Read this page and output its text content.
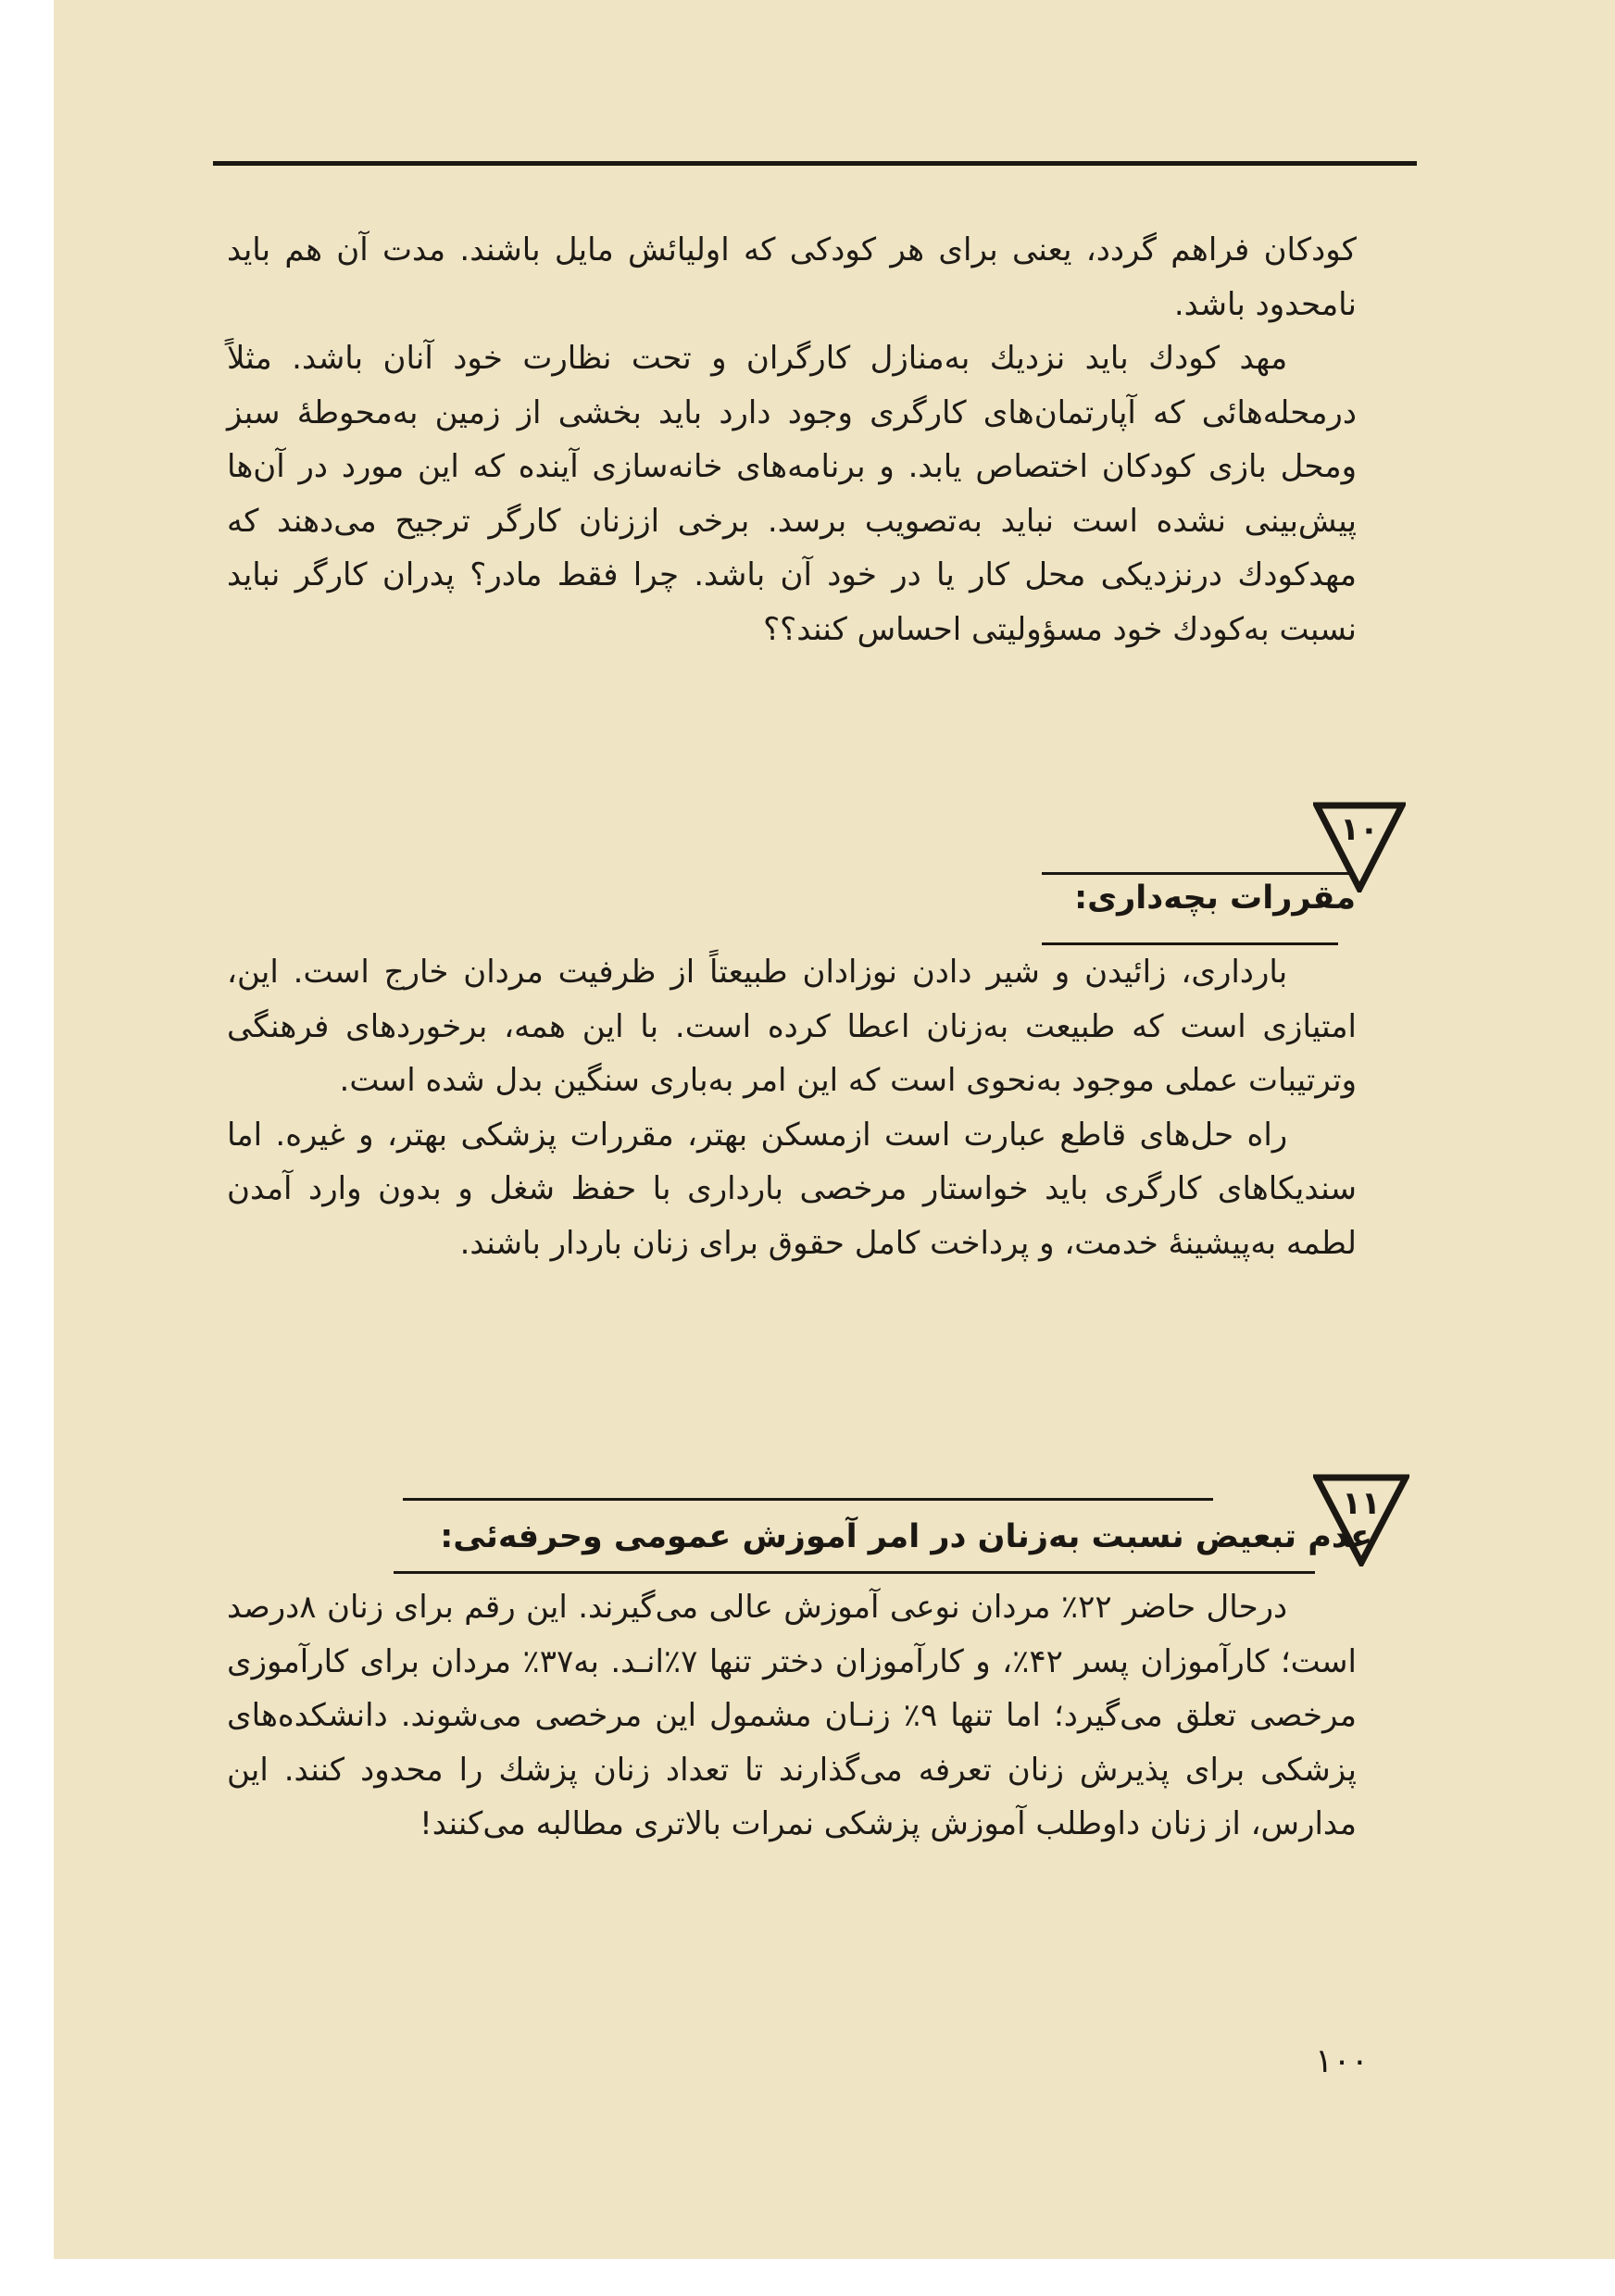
کودکان فراهم گردد، یعنی برای هر کودکی که اولیائش مایل باشند. مدت آن هم باید نامحدود باشد.

مهد کودك باید نزدیك به‌منازل کارگران و تحت نظارت خود آنان باشد. مثلاً درمحله‌هائی که آپارتمان‌های کارگری وجود دارد باید بخشی از زمین به‌محوطهٔ سبز ومحل بازی کودکان اختصاص یابد. و برنامه‌های خانه‌سازی آینده که این مورد در آن‌ها پیش‌بینی نشده است نباید به‌تصویب برسد. برخی اززنان کارگر ترجیح می‌دهند که مهدکودك درنزدیکی محل کار یا در خود آن باشد. چرا فقط مادر؟ پدران کارگر نباید نسبت به‌کودك خود مسؤولیتی احساس کنند؟؟

۱۰
مقررات بچه‌داری:

بارداری، زائیدن و شیر دادن نوزادان طبیعتاً از ظرفیت مردان خارج است. این، امتیازی است که طبیعت به‌زنان اعطا کرده است. با این همه، برخوردهای فرهنگی وترتیبات عملی موجود به‌نحوی است که این امر به‌باری سنگین بدل شده است.

راه حل‌های قاطع عبارت است ازمسکن بهتر، مقررات پزشکی بهتر، و غیره. اما سندیکاهای کارگری باید خواستار مرخصی بارداری با حفظ شغل و بدون وارد آمدن لطمه به‌پیشینهٔ خدمت، و پرداخت کامل حقوق برای زنان باردار باشند.

۱۱
عدم تبعیض نسبت به‌زنان در امر آموزش عمومی وحرفه‌ئی:

درحال حاضر ۲۲٪ مردان نوعی آموزش عالی می‌گیرند. این رقم برای زنان ۸درصد است؛ کارآموزان پسر ۴۲٪، و کارآموزان دختر تنها ۷٪انـد. به‌۳۷٪ مردان برای کارآموزی مرخصی تعلق می‌گیرد؛ اما تنها ۹٪ زنـان مشمول این مرخصی می‌شوند. دانشکده‌های پزشکی برای پذیرش زنان تعرفه می‌گذارند تا تعداد زنان پزشك را محدود کنند. این مدارس، از زنان داوطلب آموزش پزشکی نمرات بالاتری مطالبه می‌کنند!

۱۰۰
